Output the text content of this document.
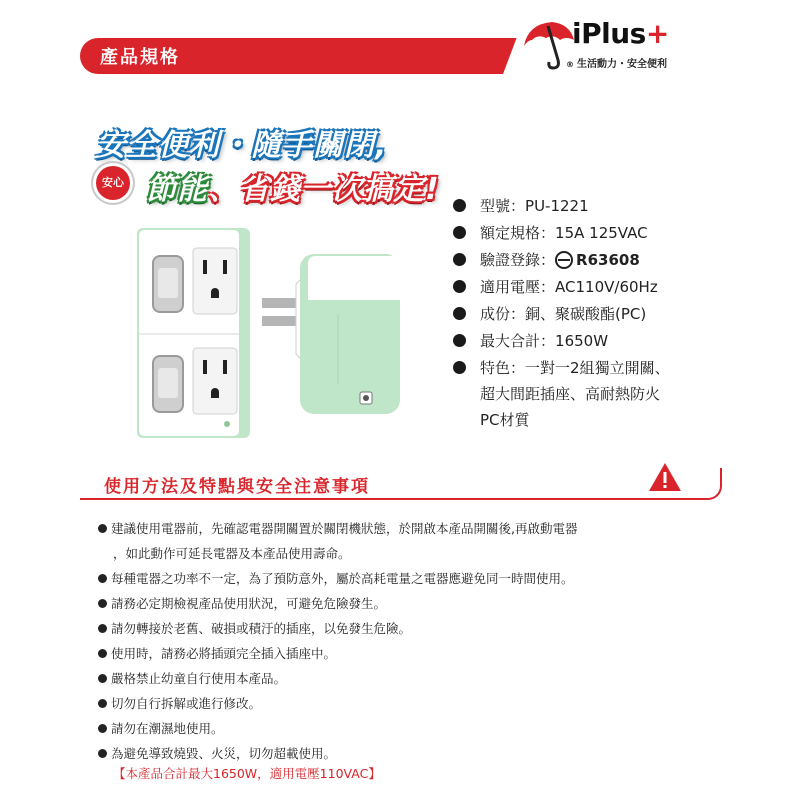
產品規格
iPlus+
® 生活動力・安全便利
安全便利・隨手關閉,
安心 節能、省錢一次搞定!	型號 ： PU-1221
額定規格 ： 15A 125VAC
驗證登錄 ： R63608
適用電壓 ： AC110V/60Hz
成份 ： 銅、聚碳酸酯(PC)
最大合計 ： 1650W
特色 ： 一對一2組獨立開關、
超大間距插座、高耐熱防火
PC材質
使用方法及特點與安全注意事項
建議使用電器前，先確認電器開關置於關閉機狀態，於開啟本產品開關後,再啟動電器
，如此動作可延長電器及本產品使用壽命。
每種電器之功率不一定，為了預防意外，屬於高耗電量之電器應避免同一時間使用。
請務必定期檢視產品使用狀況，可避免危險發生。
請勿轉接於老舊、破損或積汙的插座，以免發生危險。
使用時，請務必將插頭完全插入插座中。
嚴格禁止幼童自行使用本產品。
切勿自行拆解或進行修改。
請勿在潮濕地使用。
為避免導致燒毀、火災，切勿超載使用。
【本產品合計最大1650W，適用電壓110VAC】
